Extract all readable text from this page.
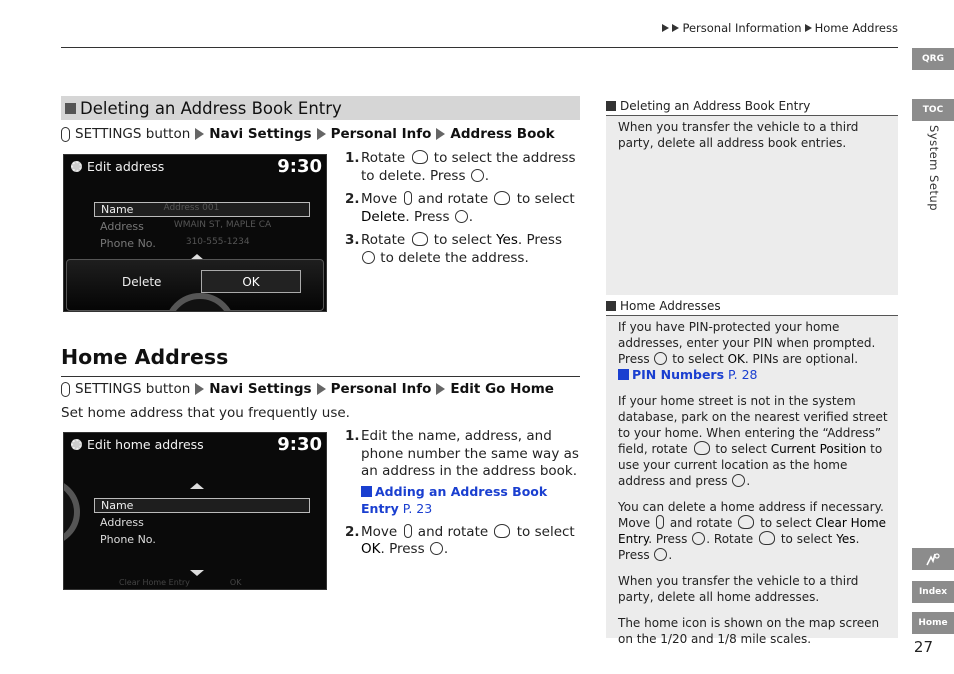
Personal Information Home Address
QRG
TOC
System Setup
Index
Home
27
Deleting an Address Book Entry
SETTINGS button Navi Settings Personal Info Address Book
Edit address	9:30
Name	Address 001
Address	WMAIN ST, MAPLE CA
Phone No.	310-555-1234
Delete	OK
1. Rotate to select the address to delete. Press .
2. Move and rotate to select Delete. Press .
3. Rotate to select Yes. Press  to delete the address.
Home Address
SETTINGS button Navi Settings Personal Info Edit Go Home
Set home address that you frequently use.
Edit home address	9:30
Name
Address
Phone No.
Clear Home Entry	OK
1. Edit the name, address, and phone number the same way as an address in the address book.
Adding an Address Book Entry P. 23
2. Move and rotate to select OK. Press .
Deleting an Address Book Entry

When you transfer the vehicle to a third party, delete all address book entries.

Home Addresses

If you have PIN-protected your home addresses, enter your PIN when prompted. Press to select OK. PINs are optional.
PIN Numbers P. 28

If your home street is not in the system database, park on the nearest verified street to your home. When entering the “Address” field, rotate to select Current Position to use your current location as the home address and press .

You can delete a home address if necessary. Move and rotate to select Clear Home Entry. Press . Rotate to select Yes.
Press .

When you transfer the vehicle to a third party, delete all home addresses.

The home icon is shown on the map screen on the 1/20 and 1/8 mile scales.
